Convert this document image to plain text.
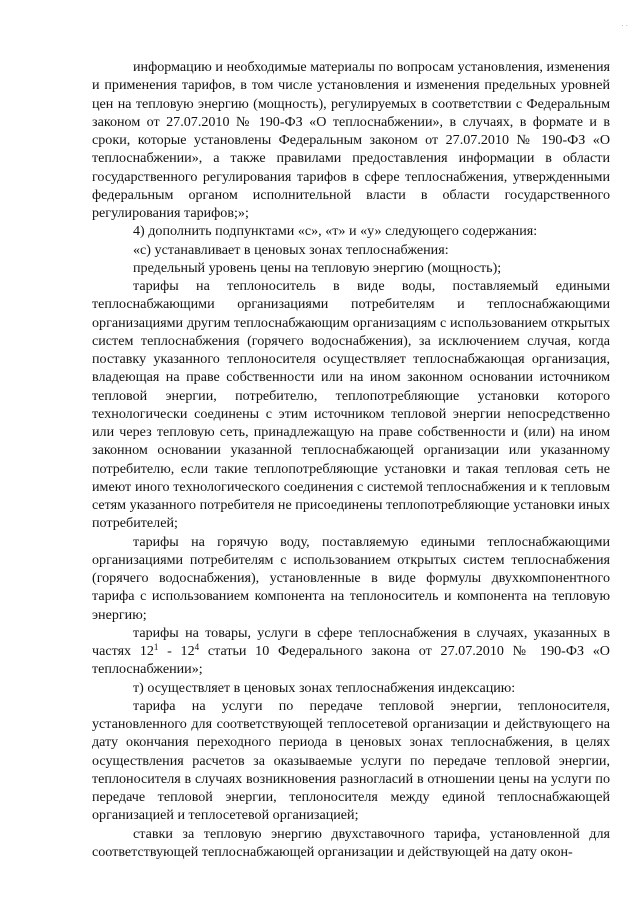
· ·

информацию и необходимые материалы по вопросам установления, изменения и применения тарифов, в том числе установления и изменения предельных уровней цен на тепловую энергию (мощность), регулируемых в соответствии с Федеральным законом от 27.07.2010 № 190-ФЗ «О теплоснабжении», в случаях, в формате и в сроки, которые установлены Федеральным законом от 27.07.2010 № 190-ФЗ «О теплоснабжении», а также правилами предоставления информации в области государственного регулирования тарифов в сфере теплоснабжения, утвержденными федеральным органом исполнительной власти в области государственного регулирования тарифов;»;

4) дополнить подпунктами «с», «т» и «у» следующего содержания:

«с) устанавливает в ценовых зонах теплоснабжения:

предельный уровень цены на тепловую энергию (мощность);

тарифы на теплоноситель в виде воды, поставляемый едиными теплоснабжающими организациями потребителям и теплоснабжающими организациями другим теплоснабжающим организациям с использованием открытых систем теплоснабжения (горячего водоснабжения), за исключением случая, когда поставку указанного теплоносителя осуществляет теплоснабжающая организация, владеющая на праве собственности или на ином законном основании источником тепловой энергии, потребителю, теплопотребляющие установки которого технологически соединены с этим источником тепловой энергии непосредственно или через тепловую сеть, принадлежащую на праве собственности и (или) на ином законном основании указанной теплоснабжающей организации или указанному потребителю, если такие теплопотребляющие установки и такая тепловая сеть не имеют иного технологического соединения с системой теплоснабжения и к тепловым сетям указанного потребителя не присоединены теплопотребляющие установки иных потребителей;

тарифы на горячую воду, поставляемую едиными теплоснабжающими организациями потребителям с использованием открытых систем теплоснабжения (горячего водоснабжения), установленные в виде формулы двухкомпонентного тарифа с использованием компонента на теплоноситель и компонента на тепловую энергию;

тарифы на товары, услуги в сфере теплоснабжения в случаях, указанных в частях $12^1 - 12^4$ статьи 10 Федерального закона от 27.07.2010 № 190-ФЗ «О теплоснабжении»;

т) осуществляет в ценовых зонах теплоснабжения индексацию:

тарифа на услуги по передаче тепловой энергии, теплоносителя, установленного для соответствующей теплосетевой организации и действующего на дату окончания переходного периода в ценовых зонах теплоснабжения, в целях осуществления расчетов за оказываемые услуги по передаче тепловой энергии, теплоносителя в случаях возникновения разногласий в отношении цены на услуги по передаче тепловой энергии, теплоносителя между единой теплоснабжающей организацией и теплосетевой организацией;

ставки за тепловую энергию двухставочного тарифа, установленной для соответствующей теплоснабжающей организации и действующей на дату окон-
